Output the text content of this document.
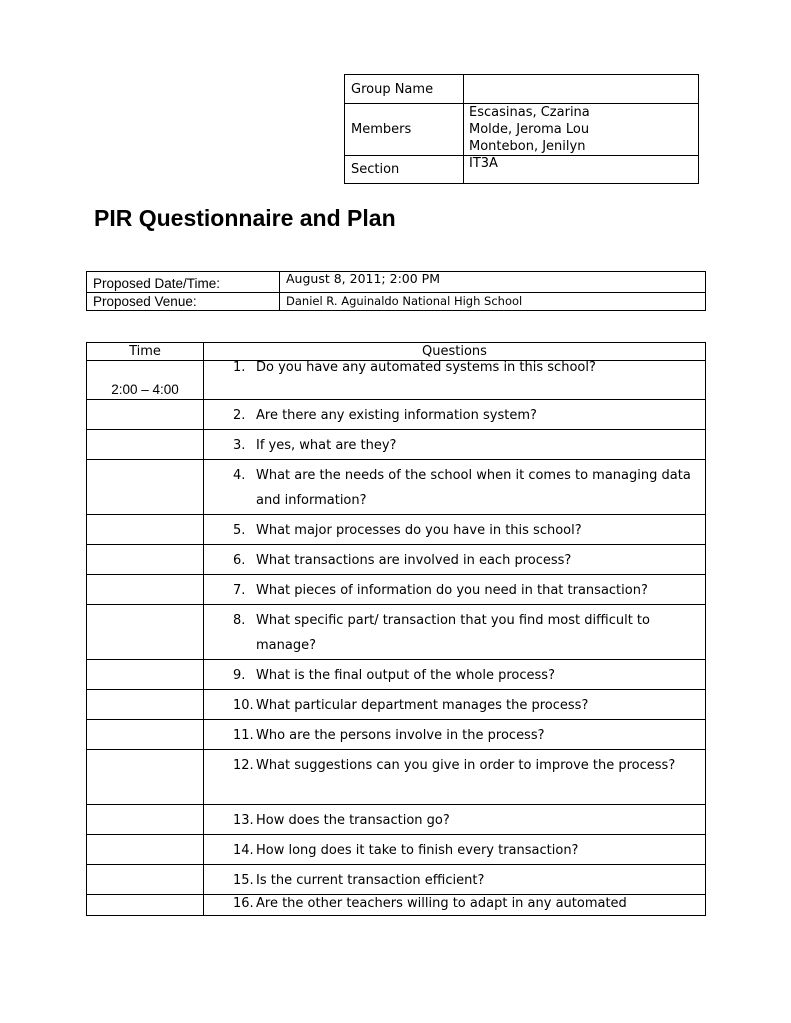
Group Name	
Members	Escasinas, Czarina
Molde, Jeroma Lou
Montebon, Jenilyn

Section	IT3A
PIR Questionnaire and Plan
Proposed Date/Time:	August 8, 2011; 2:00 PM
Proposed Venue:	Daniel R. Aguinaldo National High School
Time	Questions
2:00 – 4:00	1. Do you have any automated systems in this school?

	2. Are there any existing information system?

	3. If yes, what are they?

	4. What are the needs of the school when it comes to managing data and information?

	5. What major processes do you have in this school?

	6. What transactions are involved in each process?

	7. What pieces of information do you need in that transaction?

	8. What specific part/ transaction that you find most difficult to manage?

	9. What is the final output of the whole process?

	10. What particular department manages the process?

	11. Who are the persons involve in the process?

	12. What suggestions can you give in order to improve the process?

	13. How does the transaction go?

	14. How long does it take to finish every transaction?

	15. Is the current transaction efficient?

	16. Are the other teachers willing to adapt in any automated
